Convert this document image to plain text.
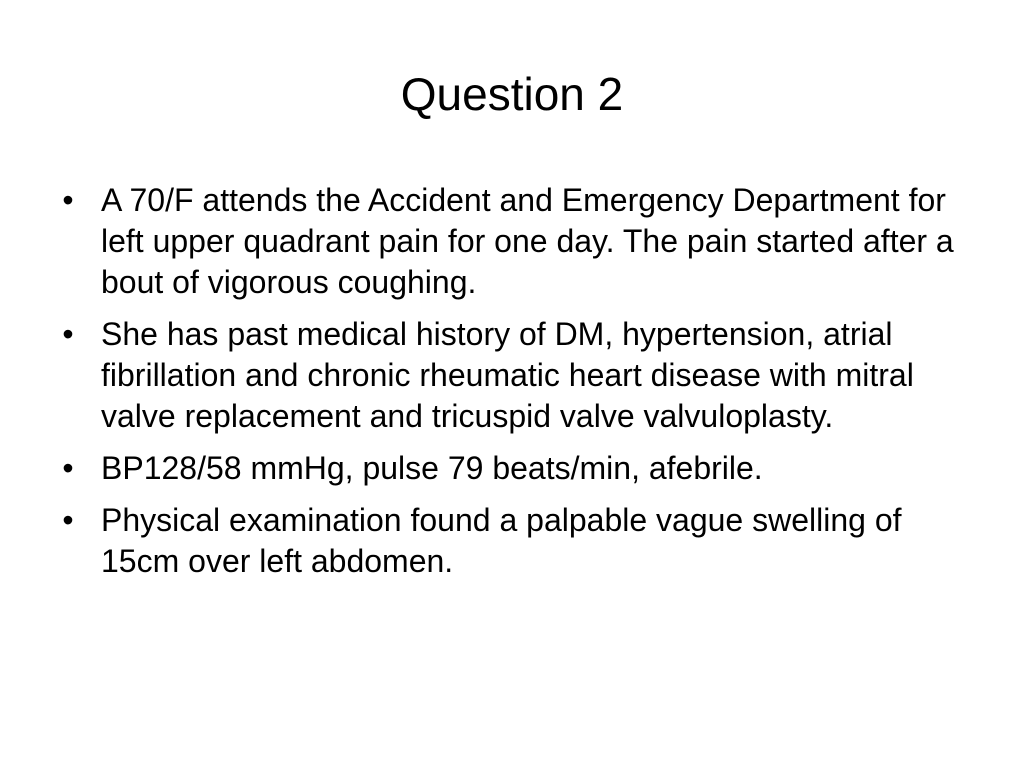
Question 2
• A 70/F attends the Accident and Emergency Department for left upper quadrant pain for one day. The pain started after a bout of vigorous coughing.
• She has past medical history of DM, hypertension, atrial fibrillation and chronic rheumatic heart disease with mitral valve replacement and tricuspid valve valvuloplasty.
• BP128/58 mmHg, pulse 79 beats/min, afebrile.
• Physical examination found a palpable vague swelling of 15cm over left abdomen.
